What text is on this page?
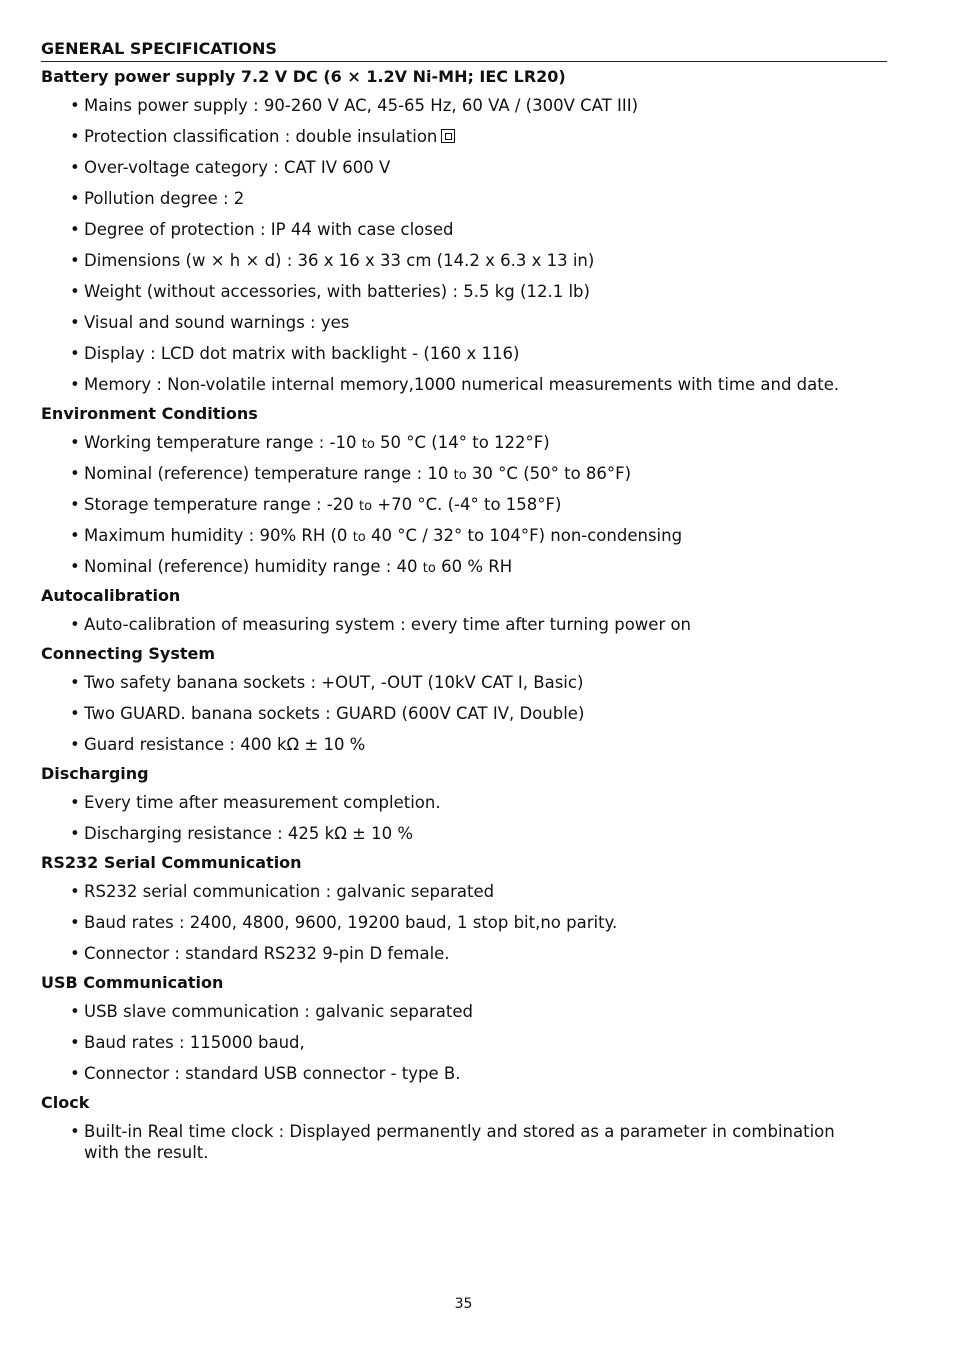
GENERAL SPECIFICATIONS
Battery power supply 7.2 V DC (6 × 1.2V Ni-MH; IEC LR20)
• Mains power supply : 90-260 V AC, 45-65 Hz, 60 VA / (300V CAT III)
• Protection classification : double insulation
• Over-voltage category : CAT IV 600 V
• Pollution degree : 2
• Degree of protection : IP 44 with case closed
• Dimensions (w × h × d) : 36 x 16 x 33 cm (14.2 x 6.3 x 13 in)
• Weight (without accessories, with batteries) : 5.5 kg (12.1 lb)
• Visual and sound warnings : yes
• Display : LCD dot matrix with backlight - (160 x 116)
• Memory : Non-volatile internal memory,1000 numerical measurements with time and date.
Environment Conditions
• Working temperature range : -10 to 50 °C (14° to 122°F)
• Nominal (reference) temperature range : 10 to 30 °C (50° to 86°F)
• Storage temperature range : -20 to +70 °C. (-4° to 158°F)
• Maximum humidity : 90% RH (0 to 40 °C / 32° to 104°F) non-condensing
• Nominal (reference) humidity range : 40 to 60 % RH
Autocalibration
• Auto-calibration of measuring system : every time after turning power on
Connecting System
• Two safety banana sockets : +OUT, -OUT (10kV CAT I, Basic)
• Two GUARD. banana sockets : GUARD (600V CAT IV, Double)
• Guard resistance : 400 kΩ ± 10 %
Discharging
• Every time after measurement completion.
• Discharging resistance : 425 kΩ ± 10 %
RS232 Serial Communication
• RS232 serial communication : galvanic separated
• Baud rates : 2400, 4800, 9600, 19200 baud, 1 stop bit,no parity.
• Connector : standard RS232 9-pin D female.
USB Communication
• USB slave communication : galvanic separated
• Baud rates : 115000 baud,
• Connector : standard USB connector - type B.
Clock
• Built-in Real time clock : Displayed permanently and stored as a parameter in combination with the result.
35
